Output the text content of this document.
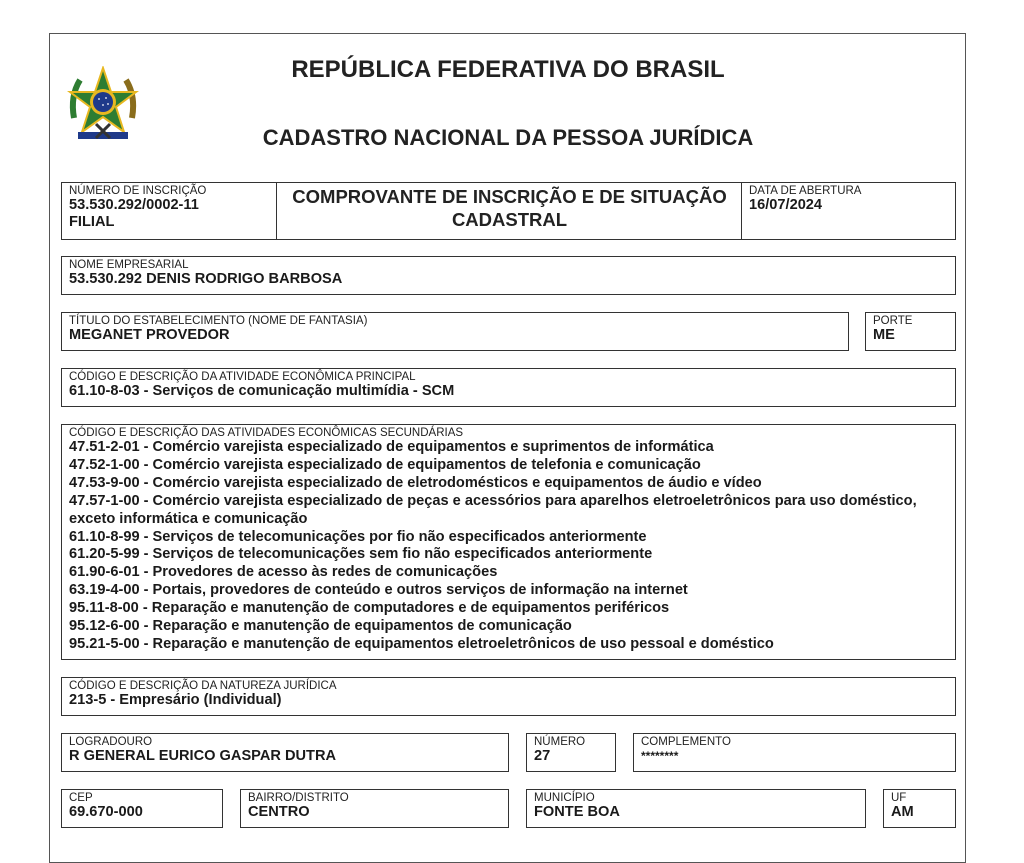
REPÚBLICA FEDERATIVA DO BRASIL
CADASTRO NACIONAL DA PESSOA JURÍDICA
NÚMERO DE INSCRIÇÃO
53.530.292/0002-11
FILIAL
COMPROVANTE DE INSCRIÇÃO E DE SITUAÇÃO
CADASTRAL
DATA DE ABERTURA
16/07/2024
NOME EMPRESARIAL
53.530.292 DENIS RODRIGO BARBOSA
TÍTULO DO ESTABELECIMENTO (NOME DE FANTASIA)
MEGANET PROVEDOR
PORTE
ME
CÓDIGO E DESCRIÇÃO DA ATIVIDADE ECONÔMICA PRINCIPAL
61.10-8-03 - Serviços de comunicação multimídia - SCM
CÓDIGO E DESCRIÇÃO DAS ATIVIDADES ECONÔMICAS SECUNDÁRIAS
47.51-2-01 - Comércio varejista especializado de equipamentos e suprimentos de informática
47.52-1-00 - Comércio varejista especializado de equipamentos de telefonia e comunicação
47.53-9-00 - Comércio varejista especializado de eletrodomésticos e equipamentos de áudio e vídeo
47.57-1-00 - Comércio varejista especializado de peças e acessórios para aparelhos eletroeletrônicos para uso doméstico, exceto informática e comunicação
61.10-8-99 - Serviços de telecomunicações por fio não especificados anteriormente
61.20-5-99 - Serviços de telecomunicações sem fio não especificados anteriormente
61.90-6-01 - Provedores de acesso às redes de comunicações
63.19-4-00 - Portais, provedores de conteúdo e outros serviços de informação na internet
95.11-8-00 - Reparação e manutenção de computadores e de equipamentos periféricos
95.12-6-00 - Reparação e manutenção de equipamentos de comunicação
95.21-5-00 - Reparação e manutenção de equipamentos eletroeletrônicos de uso pessoal e doméstico
CÓDIGO E DESCRIÇÃO DA NATUREZA JURÍDICA
213-5 - Empresário (Individual)
LOGRADOURO
R GENERAL EURICO GASPAR DUTRA
NÚMERO
27
COMPLEMENTO
********
CEP
69.670-000
BAIRRO/DISTRITO
CENTRO
MUNICÍPIO
FONTE BOA
UF
AM
